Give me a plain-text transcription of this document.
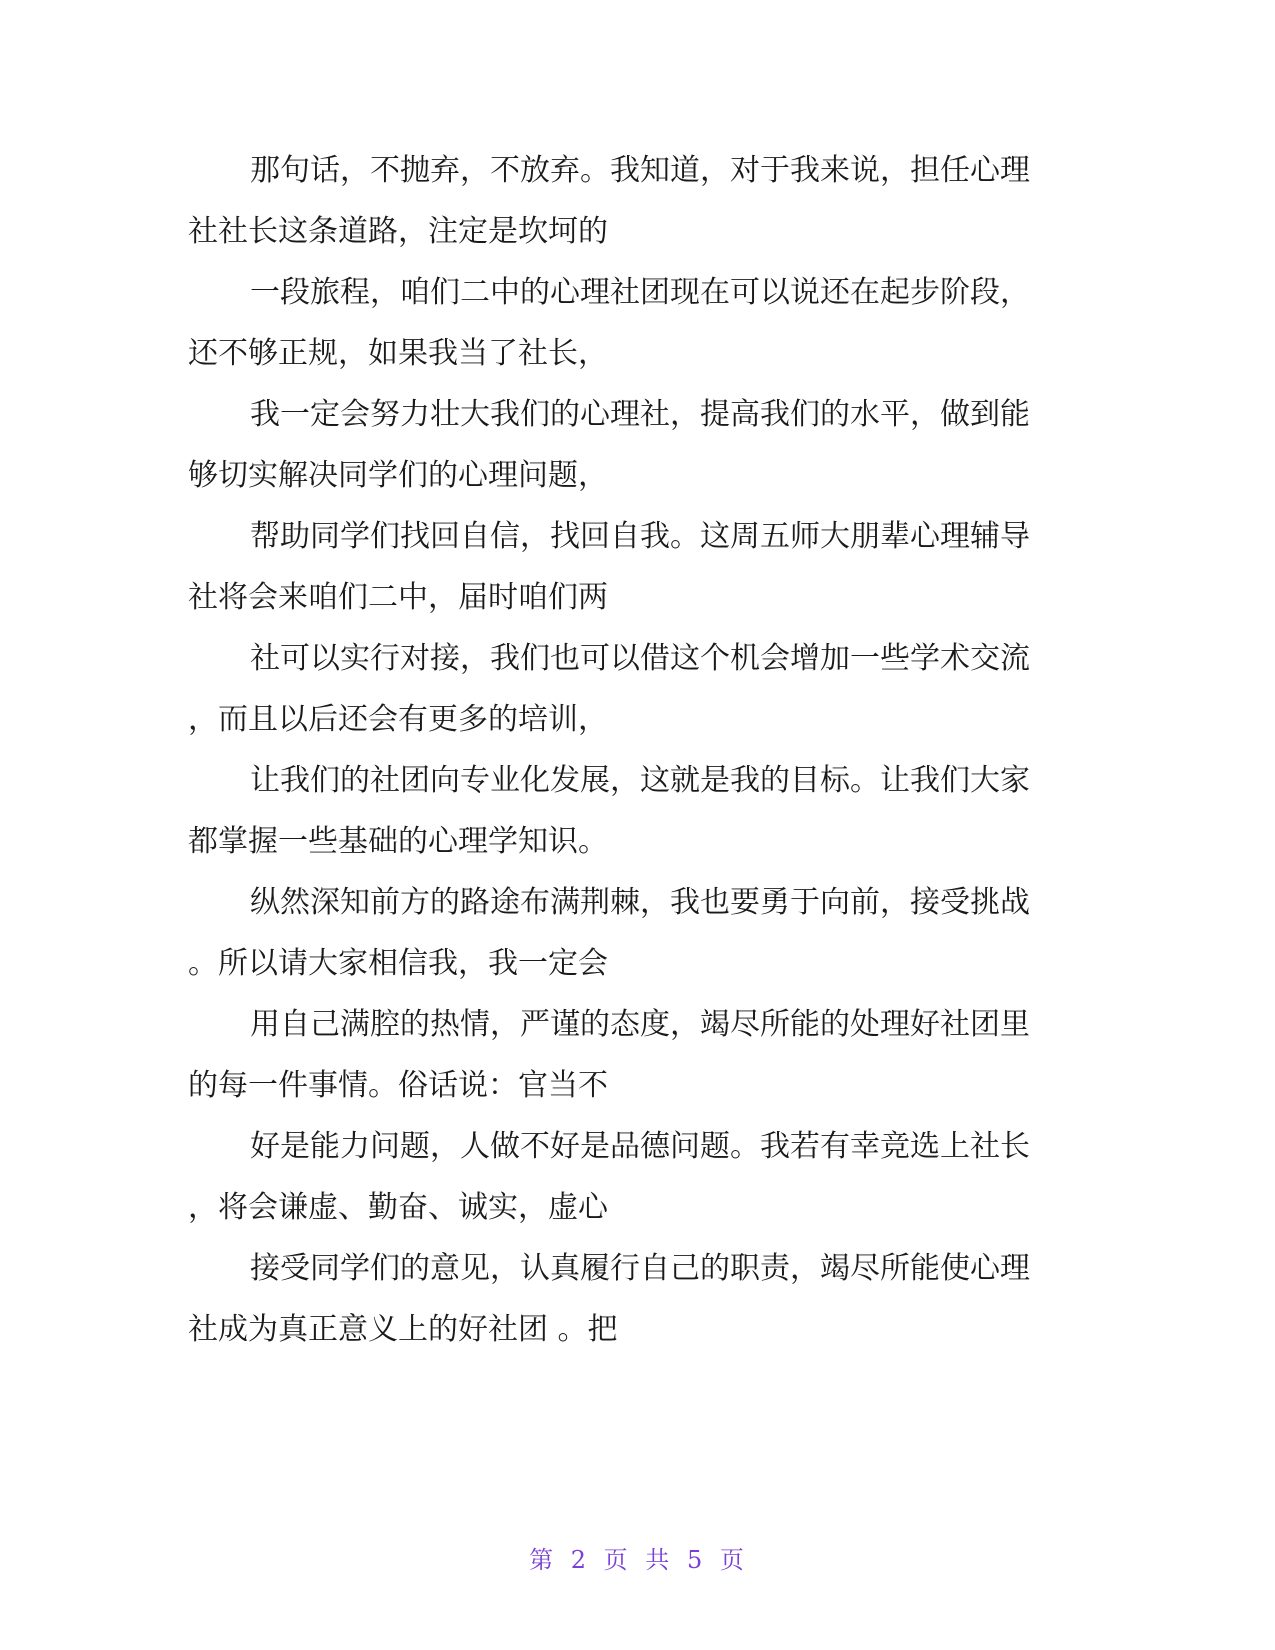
那句话，不抛弃，不放弃。我知道，对于我来说，担任心理
社社长这条道路，注定是坎坷的
一段旅程，咱们二中的心理社团现在可以说还在起步阶段，
还不够正规，如果我当了社长，
我一定会努力壮大我们的心理社，提高我们的水平，做到能
够切实解决同学们的心理问题，
帮助同学们找回自信，找回自我。这周五师大朋辈心理辅导
社将会来咱们二中，届时咱们两
社可以实行对接，我们也可以借这个机会增加一些学术交流
，而且以后还会有更多的培训，
让我们的社团向专业化发展，这就是我的目标。让我们大家
都掌握一些基础的心理学知识。
纵然深知前方的路途布满荆棘，我也要勇于向前，接受挑战
。所以请大家相信我，我一定会
用自己满腔的热情，严谨的态度，竭尽所能的处理好社团里
的每一件事情。俗话说：官当不
好是能力问题，人做不好是品德问题。我若有幸竞选上社长
，将会谦虚、勤奋、诚实，虚心
接受同学们的意见，认真履行自己的职责，竭尽所能使心理
社成为真正意义上的好社团 。把
第 2 页 共 5 页
